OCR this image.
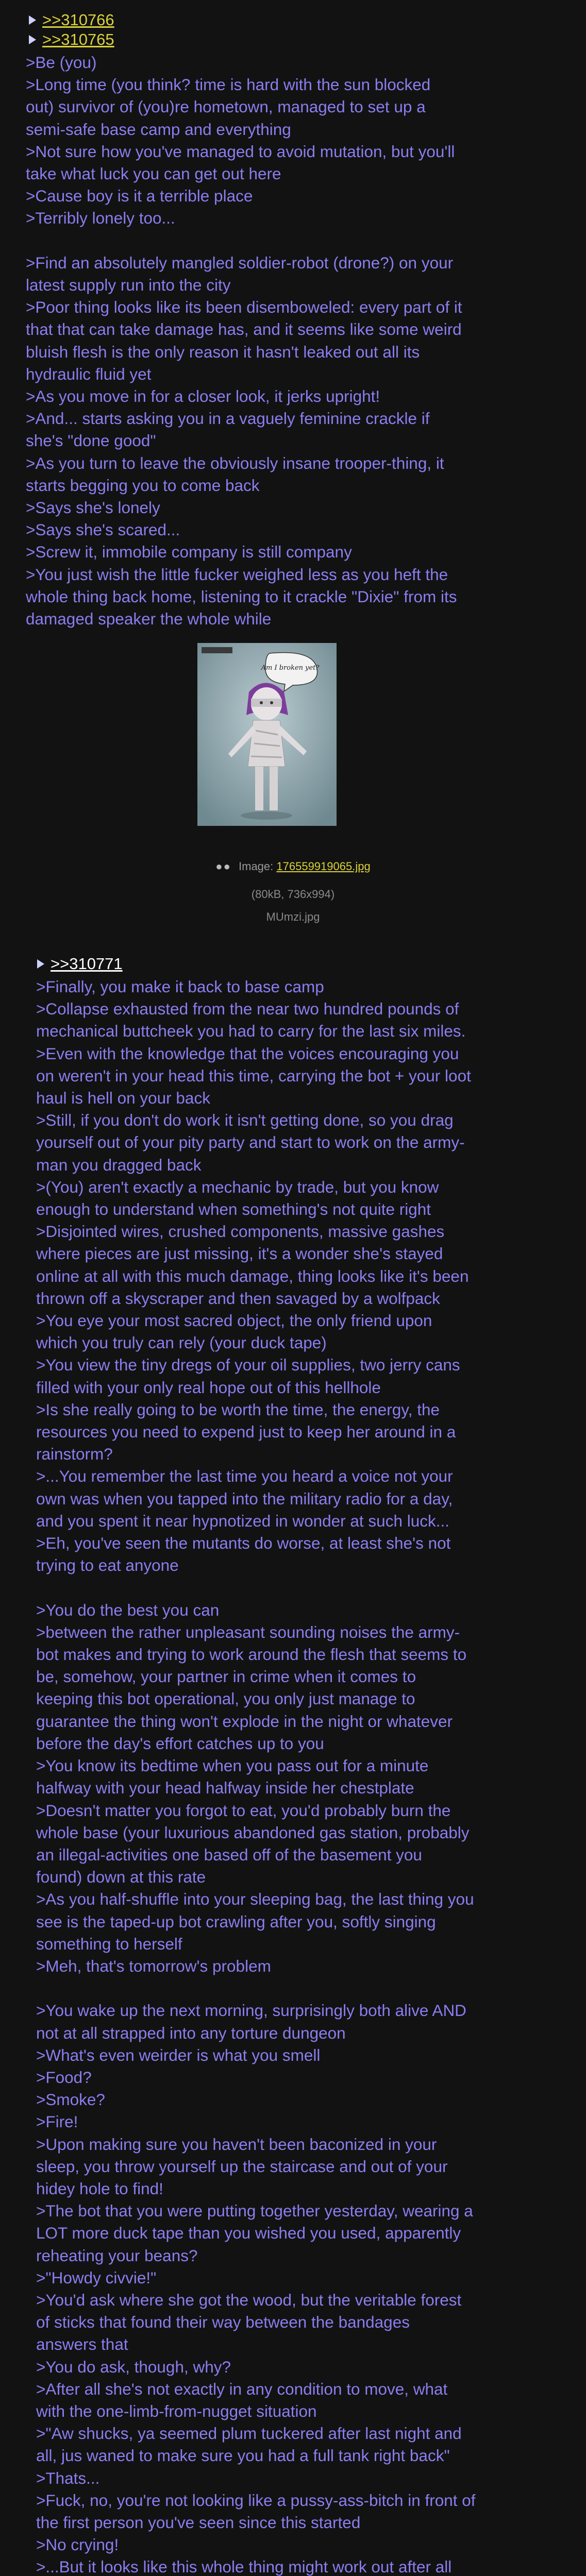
>>310766
>>310765
>Be (you)
>Long time (you think? time is hard with the sun blocked
out) survivor of (you)re hometown, managed to set up a
semi-safe base camp and everything
>Not sure how you've managed to avoid mutation, but you'll
take what luck you can get out here
>Cause boy is it a terrible place
>Terribly lonely too...
>Find an absolutely mangled soldier-robot (drone?) on your
latest supply run into the city
>Poor thing looks like its been disemboweled: every part of it
that that can take damage has, and it seems like some weird
bluish flesh is the only reason it hasn't leaked out all its
hydraulic fluid yet
>As you move in for a closer look, it jerks upright!
>And... starts asking you in a vaguely feminine crackle if
she's "done good"
>As you turn to leave the obviously insane trooper-thing, it
starts begging you to come back
>Says she's lonely
>Says she's scared...
>Screw it, immobile company is still company
>You just wish the little fucker weighed less as you heft the
whole thing back home, listening to it crackle "Dixie" from its
damaged speaker the whole while
Am I broken yet?
●● Image: 176559919065.jpg
(80kB, 736x994)
MUmzi.jpg
>>310771
>Finally, you make it back to base camp
>Collapse exhausted from the near two hundred pounds of
mechanical buttcheek you had to carry for the last six miles.
>Even with the knowledge that the voices encouraging you
on weren't in your head this time, carrying the bot + your loot
haul is hell on your back
>Still, if you don't do work it isn't getting done, so you drag
yourself out of your pity party and start to work on the army-
man you dragged back
>(You) aren't exactly a mechanic by trade, but you know
enough to understand when something's not quite right
>Disjointed wires, crushed components, massive gashes
where pieces are just missing, it's a wonder she's stayed
online at all with this much damage, thing looks like it's been
thrown off a skyscraper and then savaged by a wolfpack
>You eye your most sacred object, the only friend upon
which you truly can rely (your duck tape)
>You view the tiny dregs of your oil supplies, two jerry cans
filled with your only real hope out of this hellhole
>Is she really going to be worth the time, the energy, the
resources you need to expend just to keep her around in a
rainstorm?
>...You remember the last time you heard a voice not your
own was when you tapped into the military radio for a day,
and you spent it near hypnotized in wonder at such luck...
>Eh, you've seen the mutants do worse, at least she's not
trying to eat anyone
>You do the best you can
>between the rather unpleasant sounding noises the army-
bot makes and trying to work around the flesh that seems to
be, somehow, your partner in crime when it comes to
keeping this bot operational, you only just manage to
guarantee the thing won't explode in the night or whatever
before the day's effort catches up to you
>You know its bedtime when you pass out for a minute
halfway with your head halfway inside her chestplate
>Doesn't matter you forgot to eat, you'd probably burn the
whole base (your luxurious abandoned gas station, probably
an illegal-activities one based off of the basement you
found) down at this rate
>As you half-shuffle into your sleeping bag, the last thing you
see is the taped-up bot crawling after you, softly singing
something to herself
>Meh, that's tomorrow's problem
>You wake up the next morning, surprisingly both alive AND
not at all strapped into any torture dungeon
>What's even weirder is what you smell
>Food?
>Smoke?
>Fire!
>Upon making sure you haven't been baconized in your
sleep, you throw yourself up the staircase and out of your
hidey hole to find!
>The bot that you were putting together yesterday, wearing a
LOT more duck tape than you wished you used, apparently
reheating your beans?
>"Howdy civvie!"
>You'd ask where she got the wood, but the veritable forest
of sticks that found their way between the bandages
answers that
>You do ask, though, why?
>After all she's not exactly in any condition to move, what
with the one-limb-from-nugget situation
>"Aw shucks, ya seemed plum tuckered after last night and
all, jus waned to make sure you had a full tank right back"
>Thats...
>Fuck, no, you're not looking like a pussy-ass-bitch in front of
the first person you've seen since this started
>No crying!
>...But it looks like this whole thing might work out after all
